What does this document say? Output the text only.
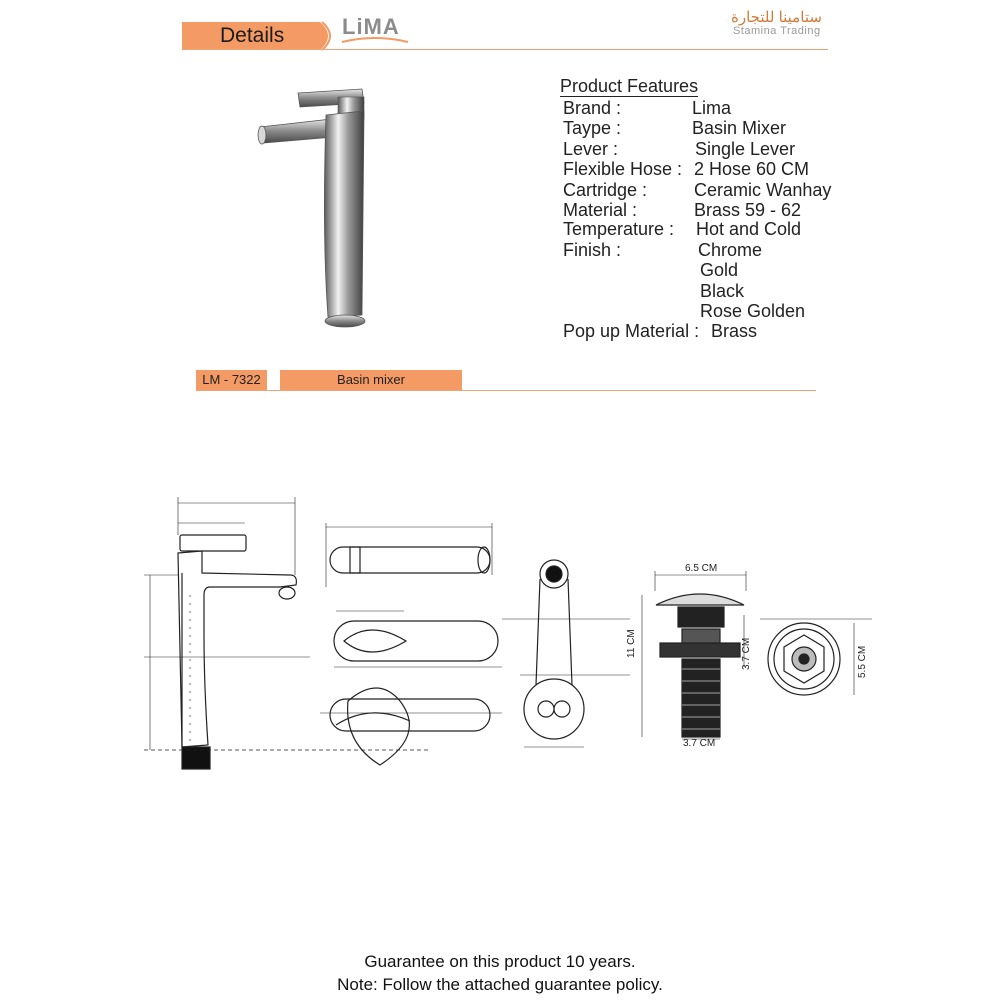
Details	LiMA	ستامينا للتجارة
Stamina Trading
Product Features
Brand :	Lima
Taype :	Basin Mixer
Lever :	Single Lever
Flexible Hose : 2 Hose 60 CM
Cartridge :	Ceramic Wanhay
Material :	Brass 59 - 62
Temperature : Hot and Cold
Finish :	Chrome
Gold
Black
Rose Golden
Pop up Material : Brass
LM - 7322	Basin mixer
6.5 CM
11 CM
3.7 CM
3.7 CM	5.5 CM
Guarantee on this product 10 years.
Note: Follow the attached guarantee policy.
